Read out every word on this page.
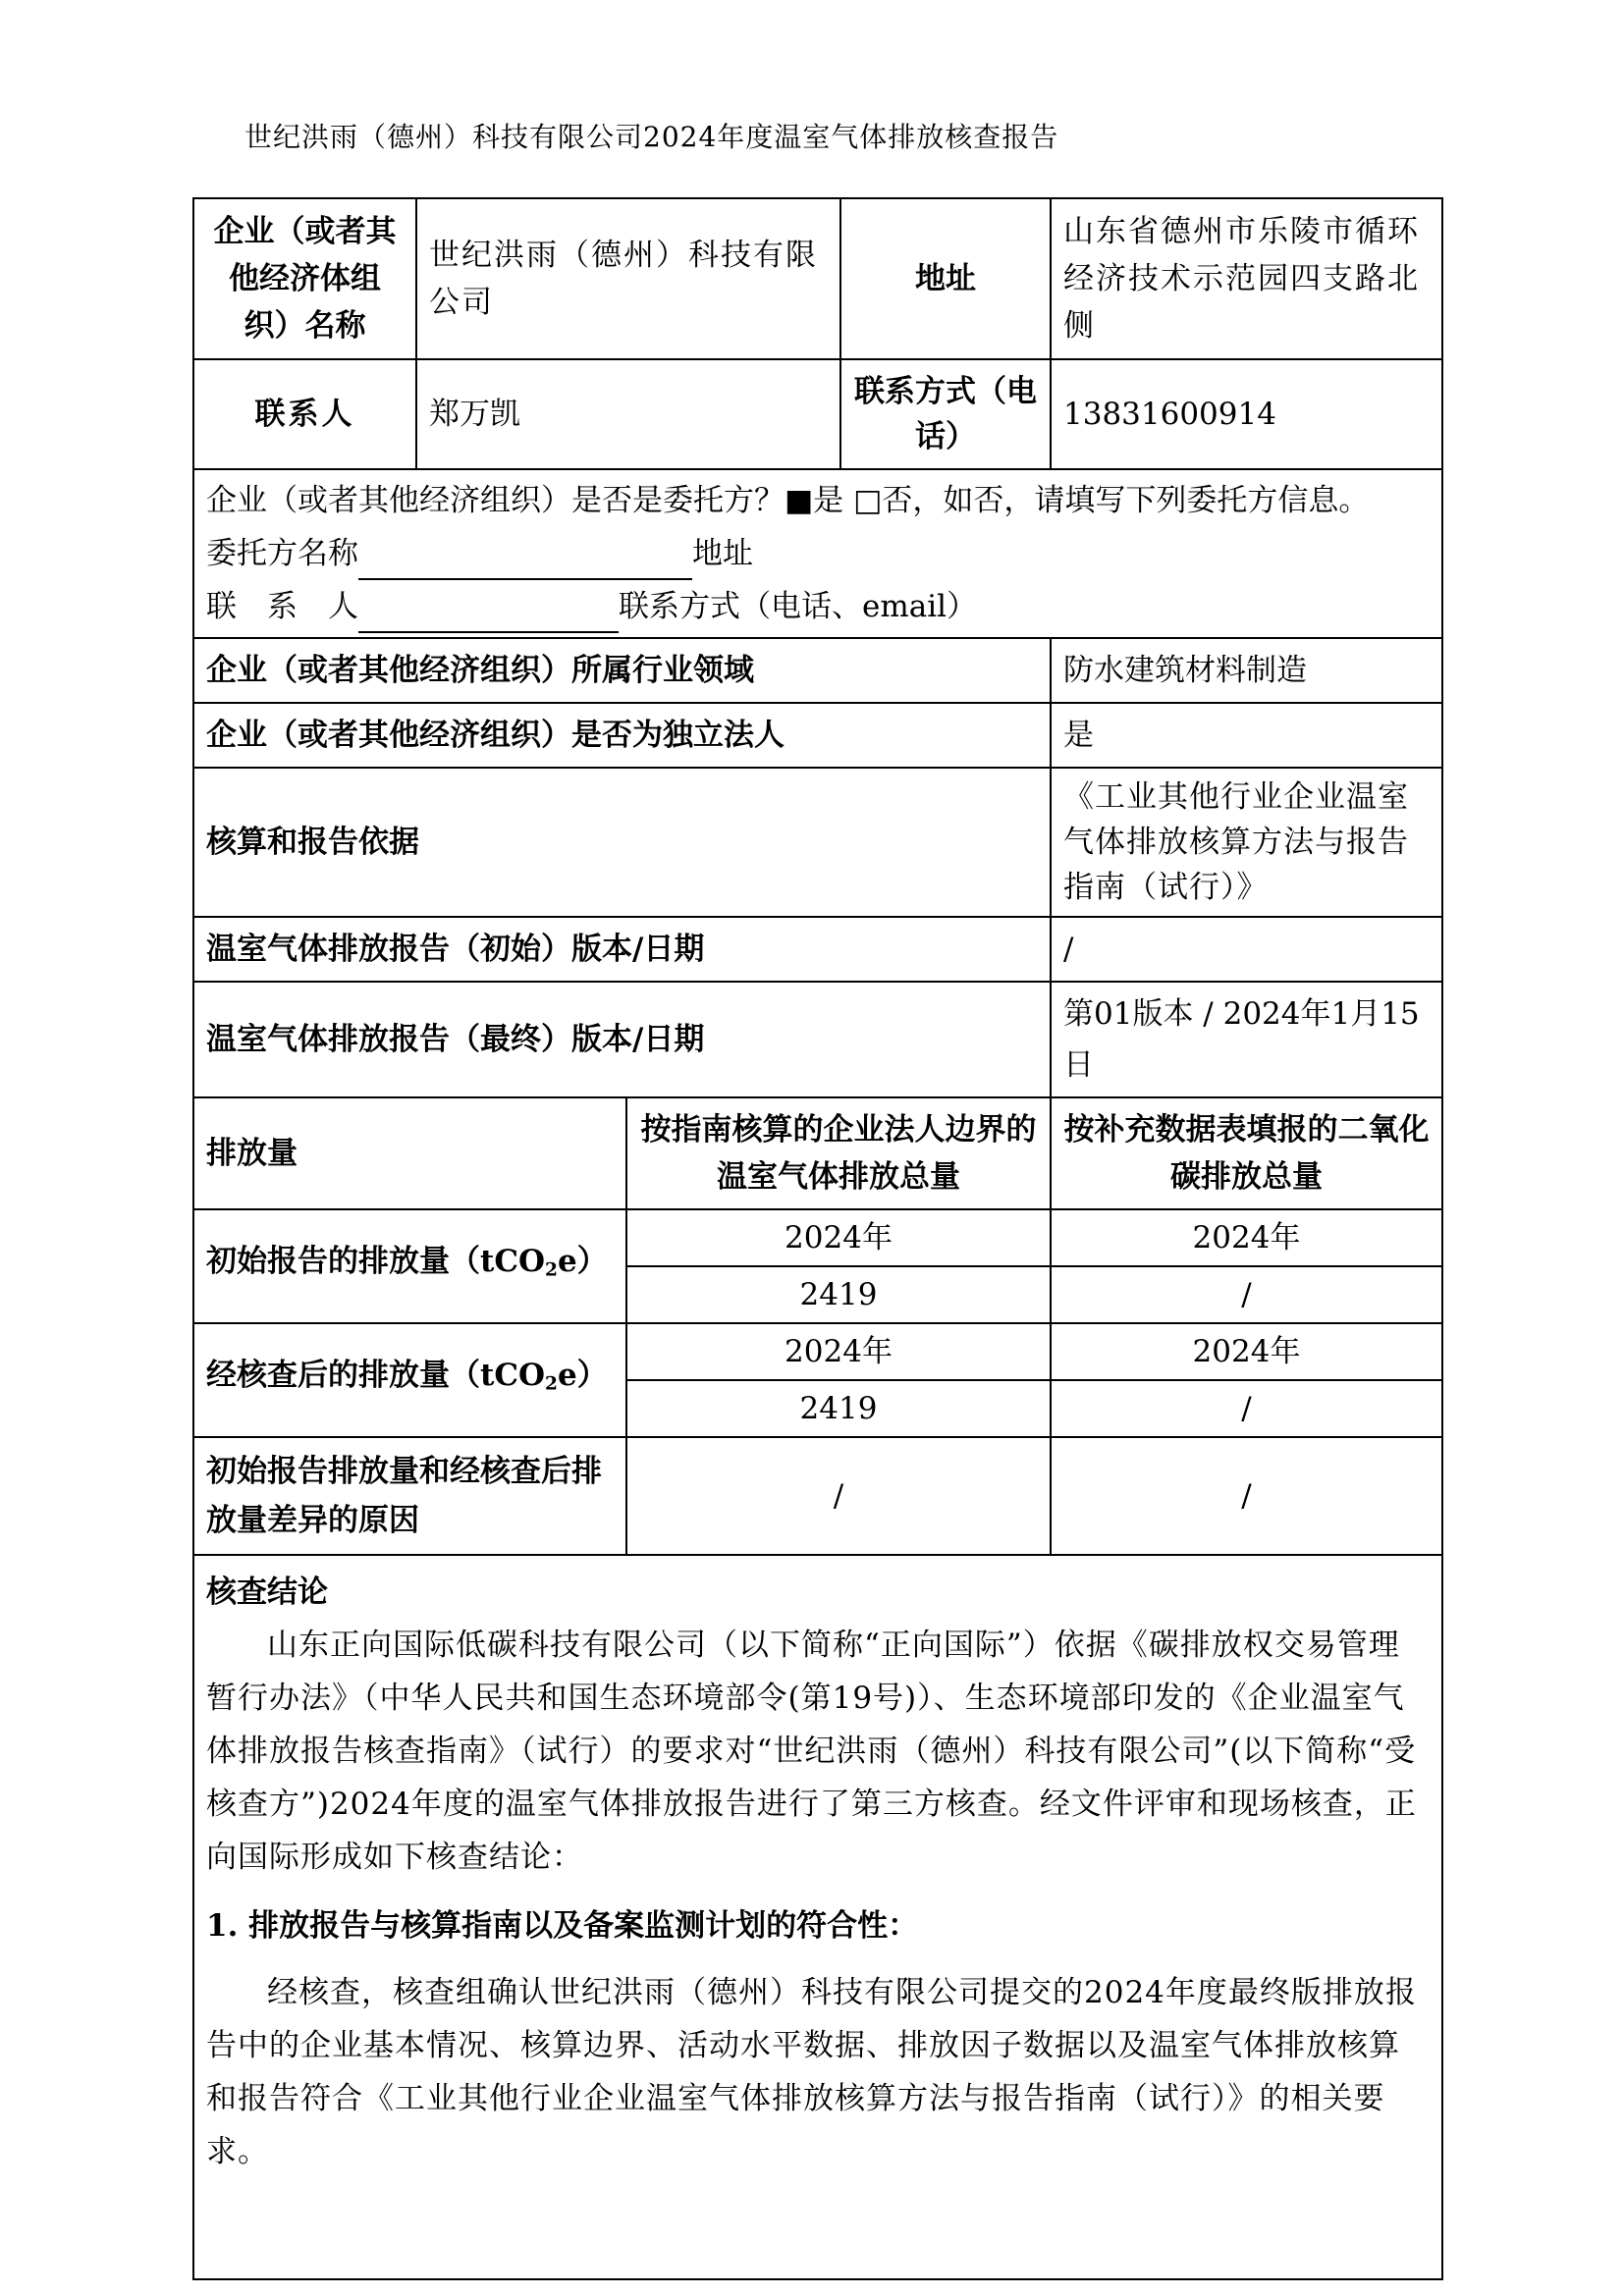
世纪洪雨（德州）科技有限公司2024年度温室气体排放核查报告
企业（或者其他经济体组织）名称	世纪洪雨（德州）科技有限公司		地址	山东省德州市乐陵市循环经济技术示范园四支路北侧
联系人	郑万凯		联系方式（电话）	13831600914

企业（或者其他经济组织）是否是委托方？■是 □否，如否，请填写下列委托方信息。
委托方名称 地址
联　系　人 联系方式（电话、email）				

企业（或者其他经济组织）所属行业领域				防水建筑材料制造
企业（或者其他经济组织）是否为独立法人				是
核算和报告依据				《工业其他行业企业温室气体排放核算方法与报告指南（试行）》
温室气体排放报告（初始）版本/日期				/
温室气体排放报告（最终）版本/日期				第01版本 / 2024年1月15日
排放量		按指南核算的企业法人边界的温室气体排放总量		按补充数据表填报的二氧化碳排放总量
初始报告的排放量（tCO$_2$e）		2024年		2024年
		2419		/
经核查后的排放量（tCO$_2$e）		2024年		2024年
		2419		/
初始报告排放量和经核查后排放量差异的原因		/		/

核查结论

山东正向国际低碳科技有限公司（以下简称“正向国际”）依据《碳排放权交易管理暂行办法》（中华人民共和国生态环境部令(第19号)）、生态环境部印发的《企业温室气体排放报告核查指南》（试行）的要求对“世纪洪雨（德州）科技有限公司”(以下简称“受核查方”)2024年度的温室气体排放报告进行了第三方核查。经文件评审和现场核查，正向国际形成如下核查结论：

1. 排放报告与核算指南以及备案监测计划的符合性：

经核查，核查组确认世纪洪雨（德州）科技有限公司提交的2024年度最终版排放报告中的企业基本情况、核算边界、活动水平数据、排放因子数据以及温室气体排放核算和报告符合《工业其他行业企业温室气体排放核算方法与报告指南（试行）》的相关要求。				
